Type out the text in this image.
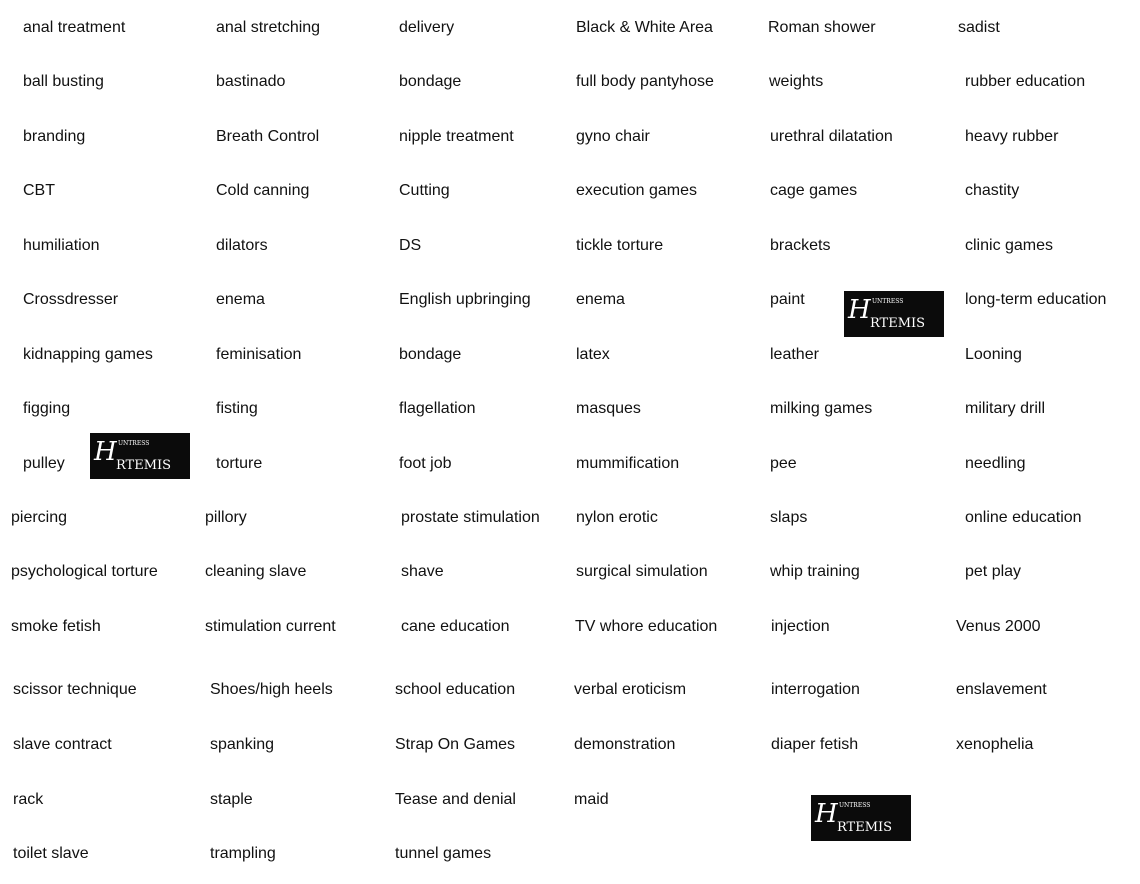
anal treatment
ball busting
branding
CBT
humiliation
Crossdresser
kidnapping games
figging
pulley
piercing
psychological torture
smoke fetish
scissor technique
slave contract
rack
toilet slave
anal stretching
bastinado
Breath Control
Cold canning
dilators
enema
feminisation
fisting
torture
pillory
cleaning slave
stimulation current
Shoes/high heels
spanking
staple
trampling
delivery
bondage
nipple treatment
Cutting
DS
English upbringing
bondage
flagellation
foot job
prostate stimulation
shave
cane education
school education
Strap On Games
Tease and denial
tunnel games
Black & White Area
full body pantyhose
gyno chair
execution games
tickle torture
enema
latex
masques
mummification
nylon erotic
surgical simulation
TV whore education
verbal eroticism
demonstration
maid
Roman shower
weights
urethral dilatation
cage games
brackets
paint
leather
milking games
pee
slaps
whip training
injection
interrogation
diaper fetish
sadist
rubber education
heavy rubber
chastity
clinic games
long-term education
Looning
military drill
needling
online education
pet play
Venus 2000
enslavement
xenophelia
H UNTRESS
RTEMIS
H UNTRESS
RTEMIS
H UNTRESS
RTEMIS
